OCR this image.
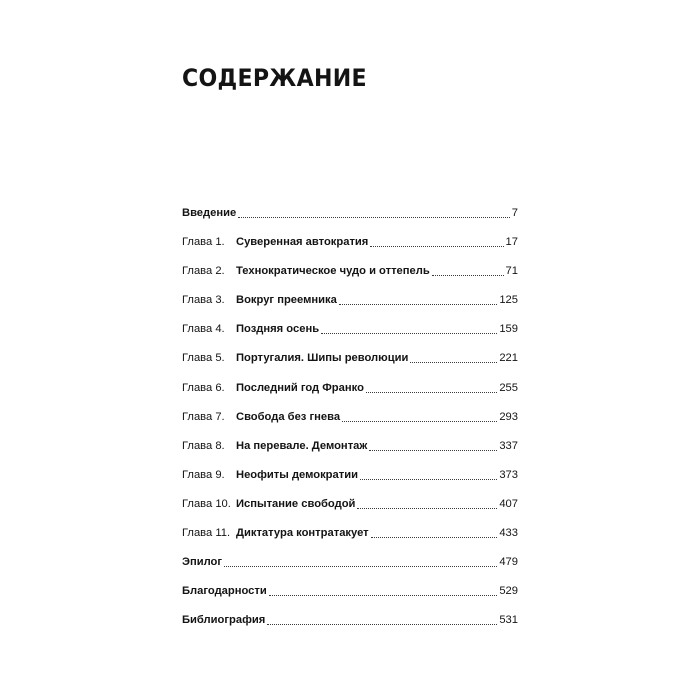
СОДЕРЖАНИЕ
Введение	7
Глава 1.	Суверенная автократия	17
Глава 2.	Технократическое чудо и оттепель	71
Глава 3.	Вокруг преемника	125
Глава 4.	Поздняя осень	159
Глава 5.	Португалия. Шипы революции	221
Глава 6.	Последний год Франко	255
Глава 7.	Свобода без гнева	293
Глава 8.	На перевале. Демонтаж	337
Глава 9.	Неофиты демократии	373
Глава 10. Испытание свободой	407
Глава 11. Диктатура контратакует	433
Эпилог	479
Благодарности	529
Библиография	531
